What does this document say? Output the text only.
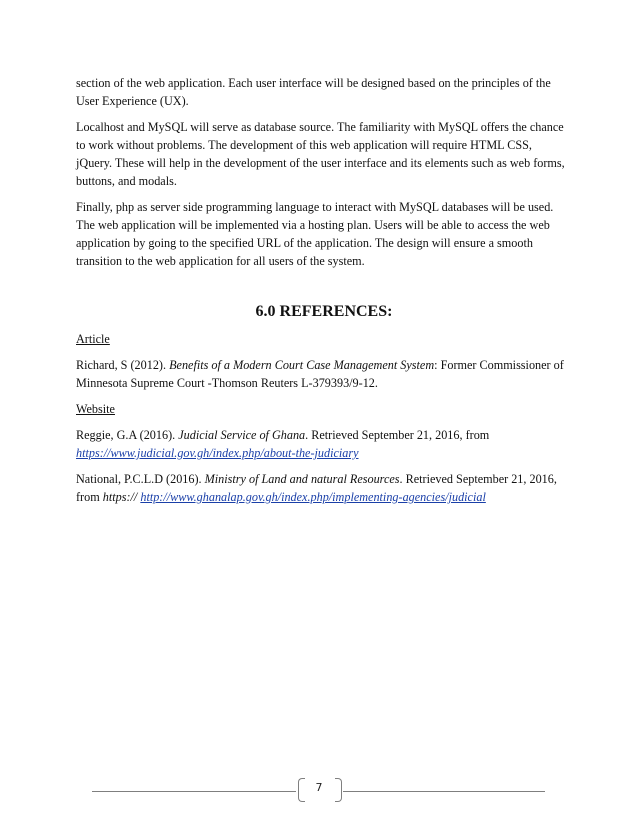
section of the web application. Each user interface will be designed based on the principles of the User Experience (UX).

Localhost and MySQL will serve as database source. The familiarity with MySQL offers the chance to work without problems. The development of this web application will require HTML CSS, jQuery. These will help in the development of the user interface and its elements such as web forms, buttons, and modals.

Finally, php as server side programming language to interact with MySQL databases will be used. The web application will be implemented via a hosting plan. Users will be able to access the web application by going to the specified URL of the application. The design will ensure a smooth transition to the web application for all users of the system.

6.0 REFERENCES:

Article

Richard, S (2012). Benefits of a Modern Court Case Management System: Former Commissioner of Minnesota Supreme Court -Thomson Reuters L-379393/9-12.

Website

Reggie, G.A (2016). Judicial Service of Ghana. Retrieved September 21, 2016, from https://www.judicial.gov.gh/index.php/about-the-judiciary

National, P.C.L.D (2016). Ministry of Land and natural Resources. Retrieved September 21, 2016, from https:// http://www.ghanalap.gov.gh/index.php/implementing-agencies/judicial

7
